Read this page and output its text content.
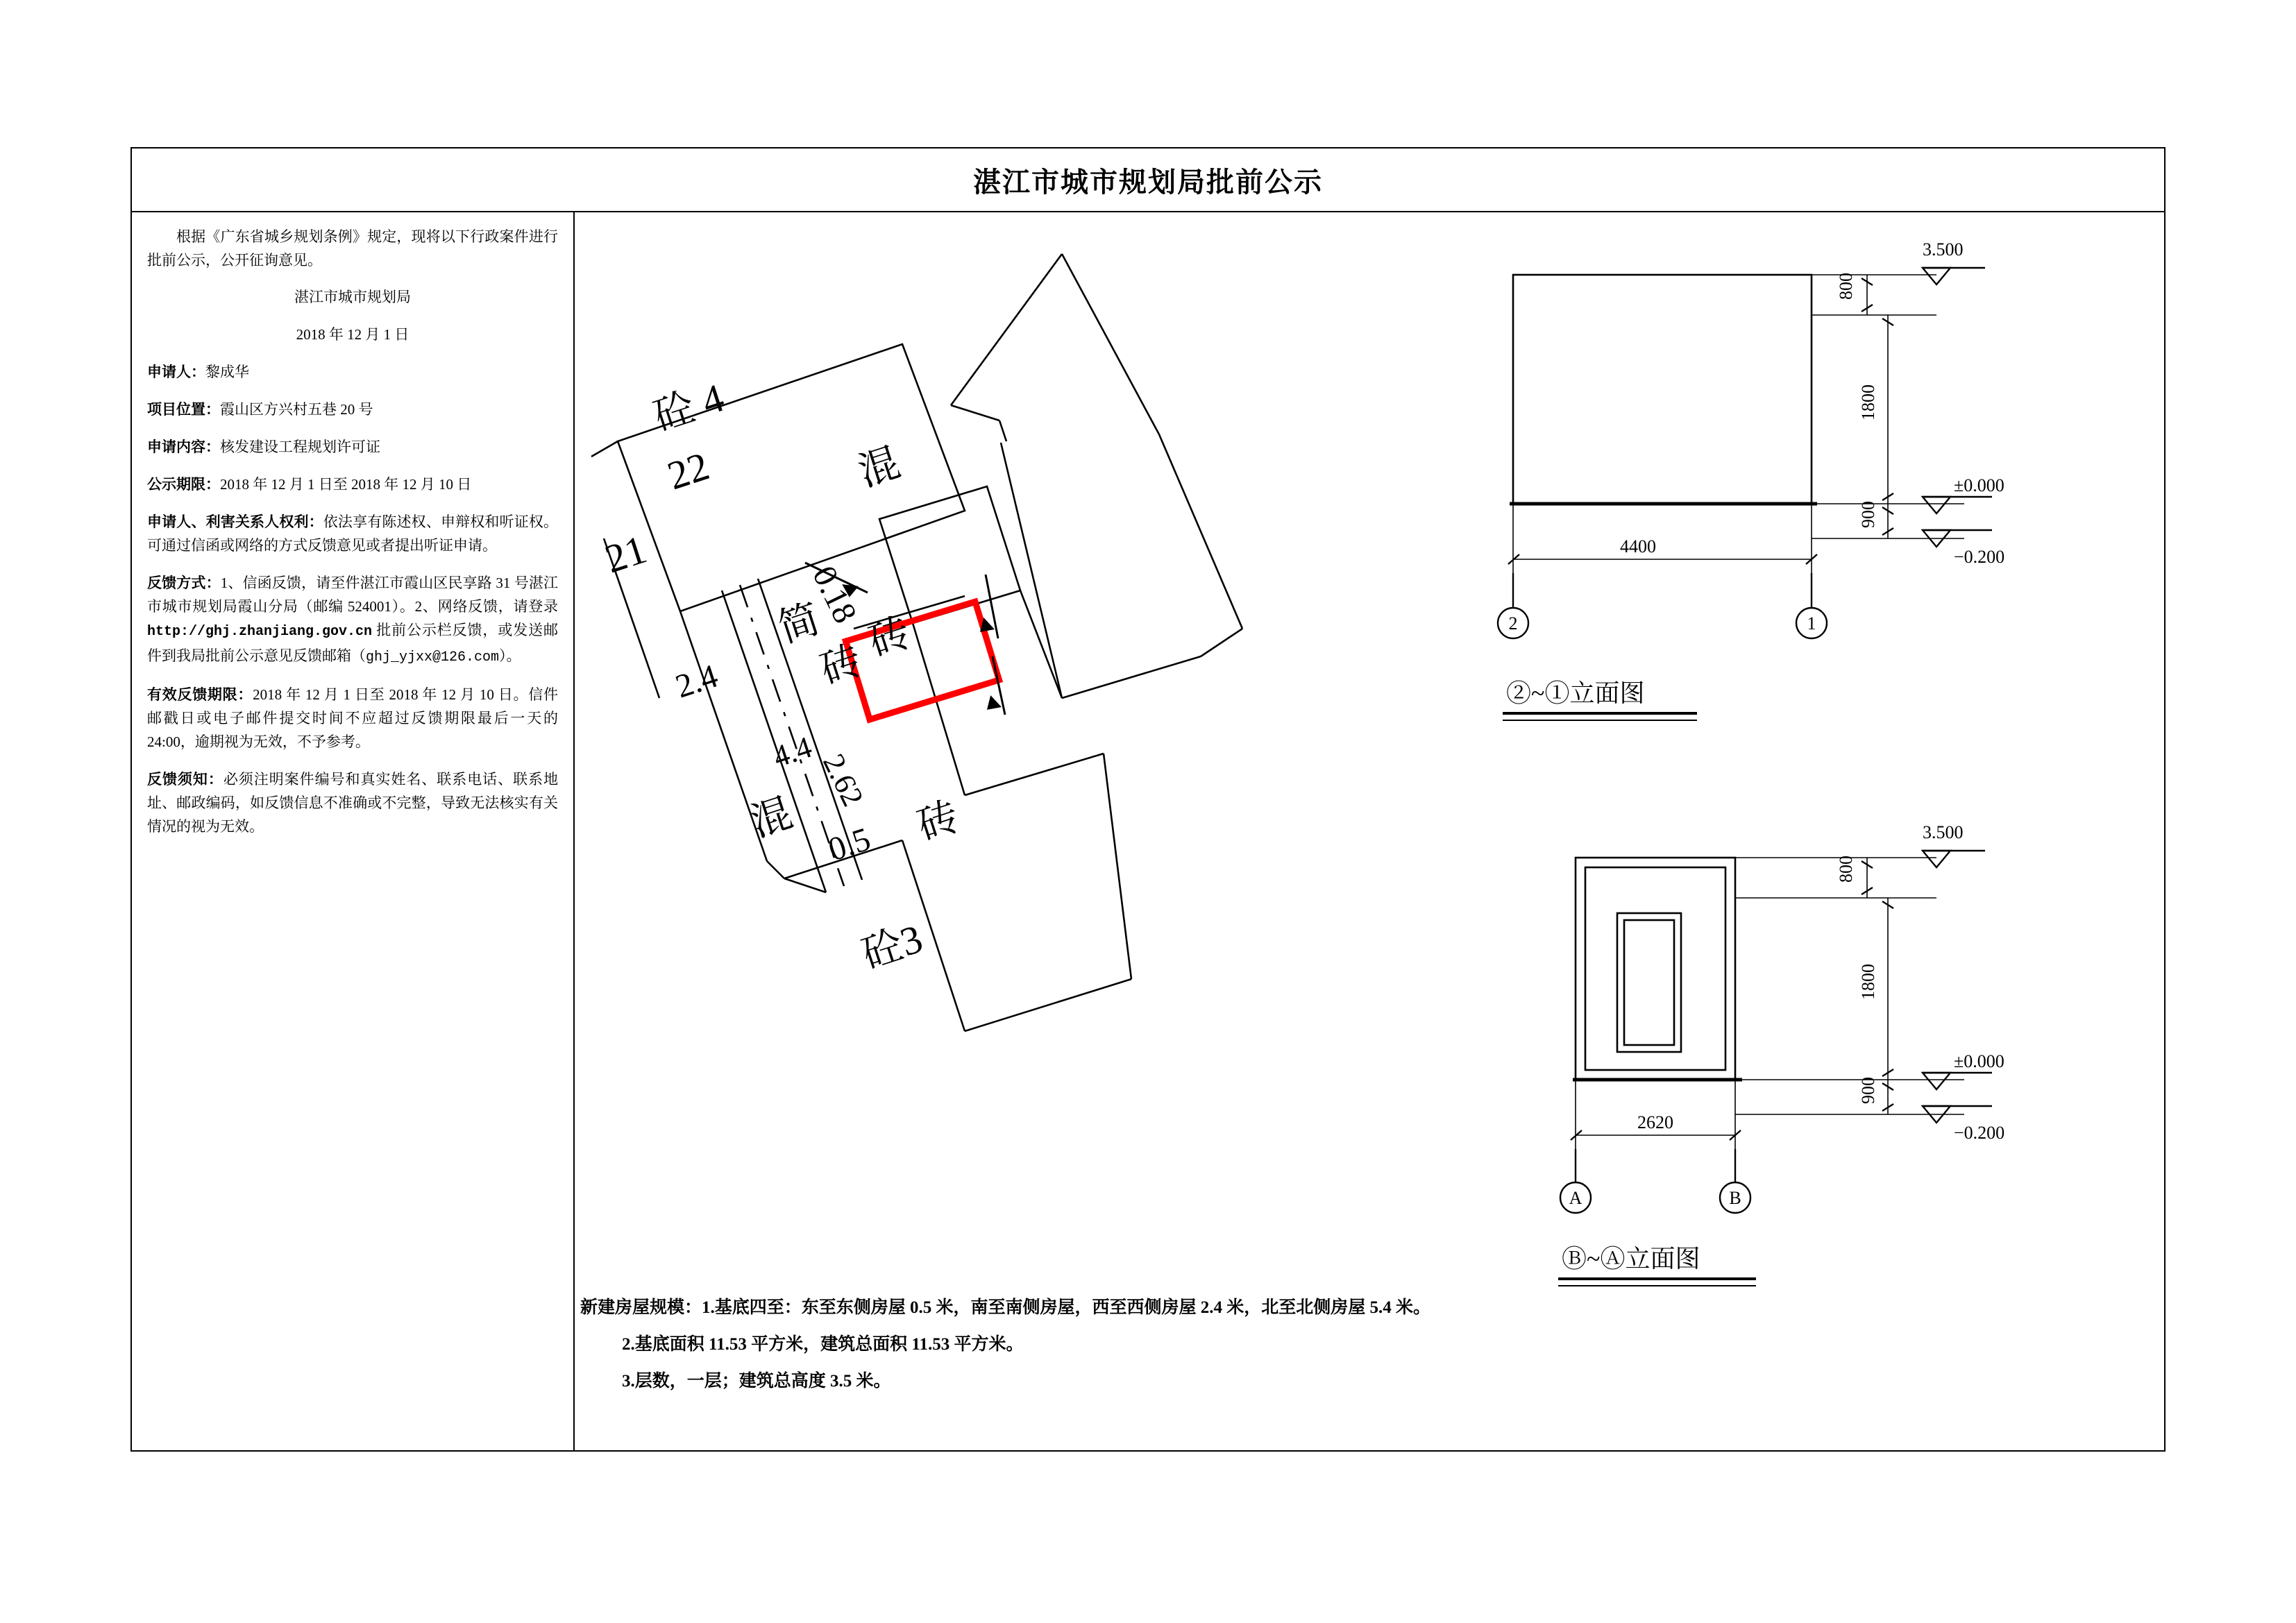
湛江市城市规划局批前公示

根据《广东省城乡规划条例》规定，现将以下行政案件进行批前公示，公开征询意见。

湛江市城市规划局

2018 年 12 月 1 日

申请人：黎成华

项目位置：霞山区方兴村五巷 20 号

申请内容：核发建设工程规划许可证

公示期限：2018 年 12 月 1 日至 2018 年 12 月 10 日

申请人、利害关系人权利：依法享有陈述权、申辩权和听证权。可通过信函或网络的方式反馈意见或者提出听证申请。

反馈方式：1、信函反馈，请至件湛江市霞山区民享路 31 号湛江市城市规划局霞山分局（邮编 524001）。2、网络反馈，请登录 http://ghj.zhanjiang.gov.cn 批前公示栏反馈，或发送邮件到我局批前公示意见反馈邮箱（ghj_yjxx@126.com）。

有效反馈期限：2018 年 12 月 1 日至 2018 年 12 月 10 日。信件邮戳日或电子邮件提交时间不应超过反馈期限最后一天的 24:00，逾期视为无效，不予参考。

反馈须知：必须注明案件编号和真实姓名、联系电话、联系地址、邮政编码，如反馈信息不准确或不完整，导致无法核实有关情况的视为无效。

混
砖
砖
砼 4
22
21
简
砖
混
砼3
0.18
2.4
4.4 2.62
0.5
3.500
800
1800
900
±0.000
−0.200
4400
2	1
②~①立面图
3.500
800
1800
900
±0.000
−0.200
2620
A	B
Ⓑ~Ⓐ立面图

新建房屋规模：1.基底四至：东至东侧房屋 0.5 米，南至南侧房屋，西至西侧房屋 2.4 米，北至北侧房屋 5.4 米。

2.基底面积 11.53 平方米，建筑总面积 11.53 平方米。

3.层数，一层；建筑总高度 3.5 米。
